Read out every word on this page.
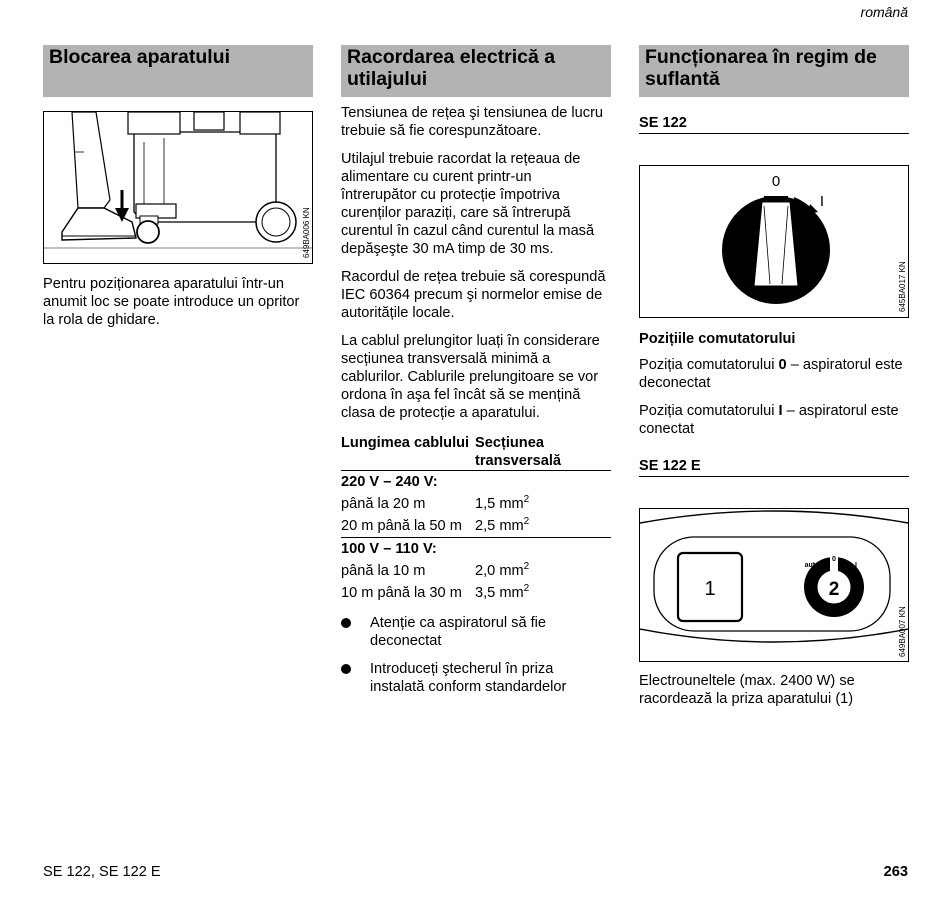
română
Blocarea aparatului
649BA006 KN

Pentru poziționarea aparatului într-un anumit loc se poate introduce un opritor la rola de ghidare.

Racordarea electrică a utilajului

Tensiunea de rețea şi tensiunea de lucru trebuie să fie corespunzătoare.

Utilajul trebuie racordat la rețeaua de alimentare cu curent printr-un întrerupător cu protecție împotriva curenților paraziți, care să întrerupă curentul în cazul când curentul la masă depăşeşte 30 mA timp de 30 ms.

Racordul de rețea trebuie să corespundă IEC 60364 precum şi normelor emise de autoritățile locale.

La cablul prelungitor luați în considerare secțiunea transversală minimă a cablurilor. Cablurile prelungitoare se vor ordona în aşa fel încât să se mențină clasa de protecție a aparatului.

Lungimea cablului	Secțiunea transversală
220 V – 240 V:	
până la 20 m	1,5 $mm^2$
20 m până la 50 m	2,5 $mm^2$
100 V – 110 V:	
până la 10 m	2,0 $mm^2$
10 m până la 30 m	3,5 $mm^2$
Atenție ca aspiratorul să fie deconectat
Introduceți ştecherul în priza instalată conform standardelor
Funcționarea în regim de suflantă
SE 122
0
I
645BA017 KN
Pozițiile comutatorului

Poziția comutatorului 0 – aspiratorul este deconectat

Poziția comutatorului I – aspiratorul este conectat

SE 122 E
1	2
auto
0
I
649BA007 KN

Electrouneltele (max. 2400 W) se racordează la priza aparatului (1)

SE 122, SE 122 E	263
